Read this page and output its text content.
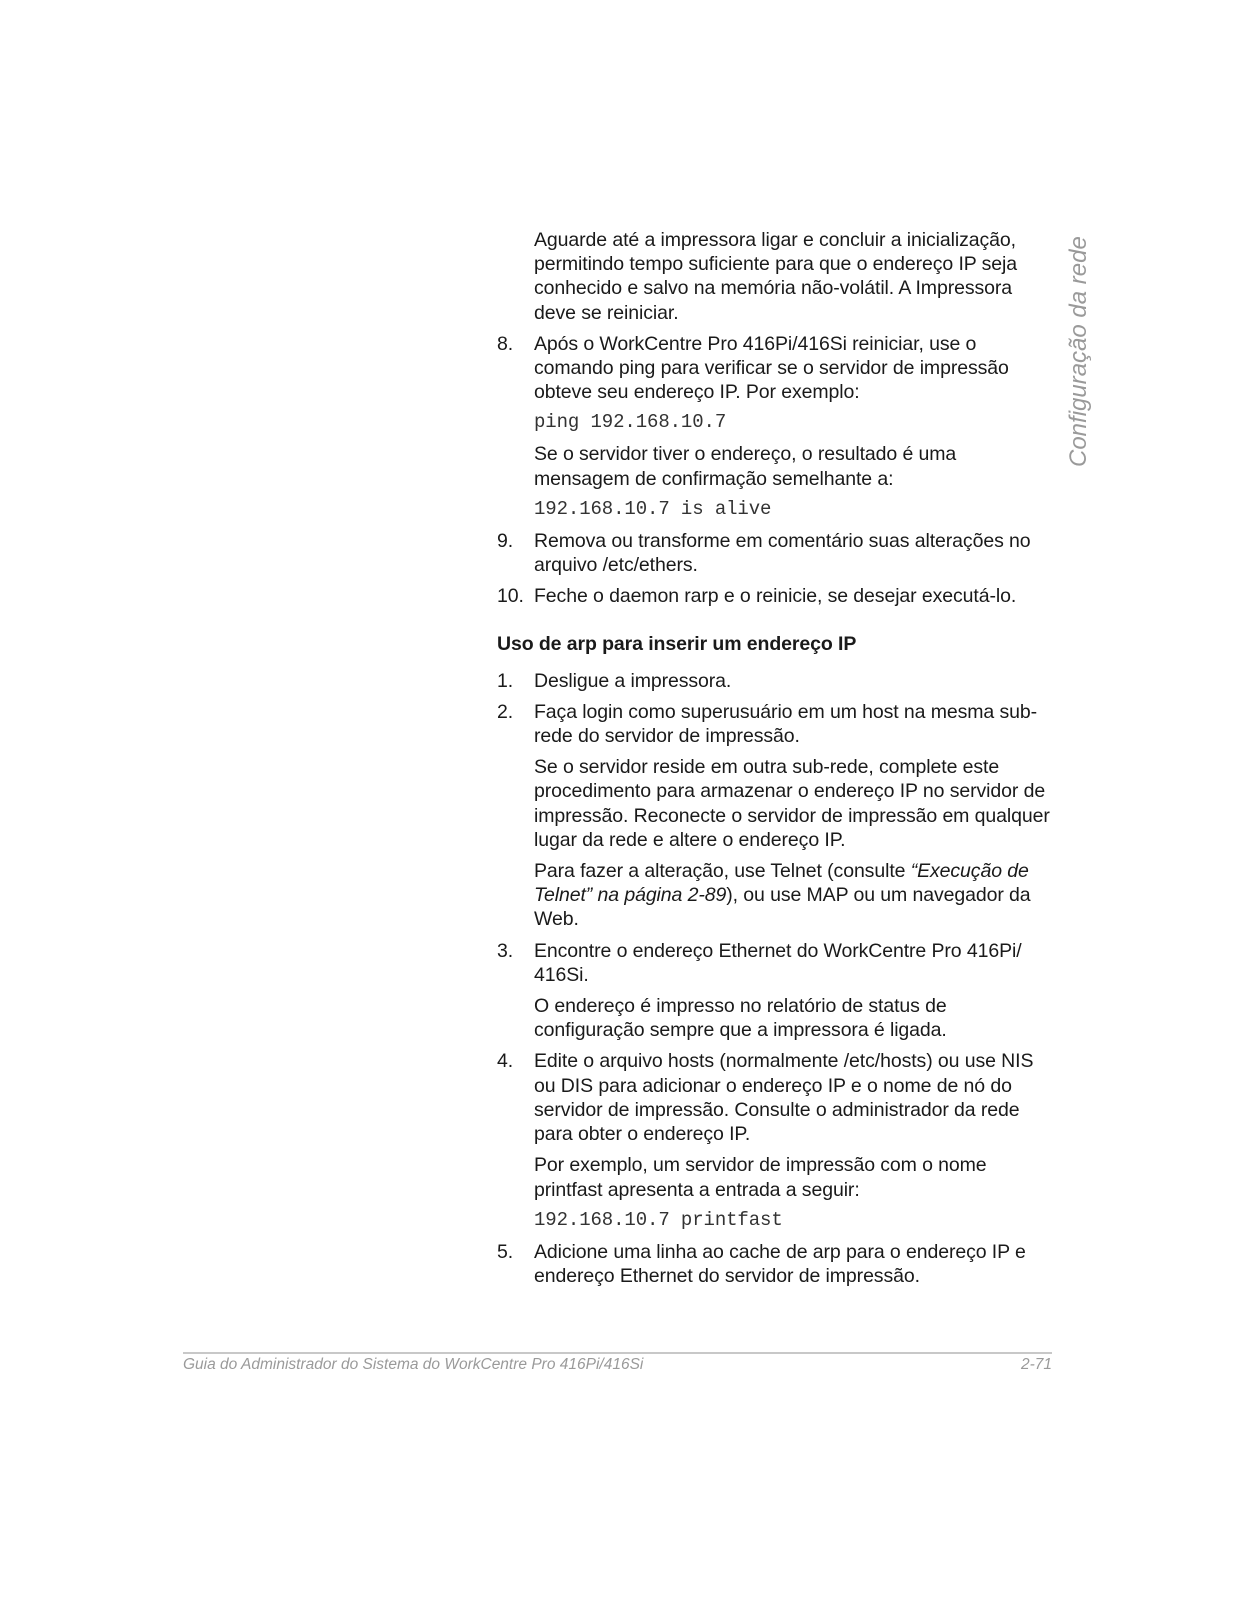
Configuração da rede

Aguarde até a impressora ligar e concluir a inicialização, permitindo tempo suficiente para que o endereço IP seja conhecido e salvo na memória não-volátil. A Impressora deve se reiniciar.

8.	Após o WorkCentre Pro 416Pi/416Si reiniciar, use o comando ping para verificar se o servidor de impressão obteve seu endereço IP. Por exemplo:
ping 192.168.10.7

Se o servidor tiver o endereço, o resultado é uma mensagem de confirmação semelhante a:

192.168.10.7 is alive
9.	Remova ou transforme em comentário suas alterações no arquivo /etc/ethers.
10. Feche o daemon rarp e o reinicie, se desejar executá-lo.
Uso de arp para inserir um endereço IP
1.	Desligue a impressora.
2.	Faça login como superusuário em um host na mesma sub-rede do servidor de impressão.

Se o servidor reside em outra sub-rede, complete este procedimento para armazenar o endereço IP no servidor de impressão. Reconecte o servidor de impressão em qualquer lugar da rede e altere o endereço IP.

Para fazer a alteração, use Telnet (consulte “Execução de Telnet” na página 2-89), ou use MAP ou um navegador da Web.

3.	Encontre o endereço Ethernet do WorkCentre Pro 416Pi/ 416Si.

O endereço é impresso no relatório de status de configuração sempre que a impressora é ligada.

4.	Edite o arquivo hosts (normalmente /etc/hosts) ou use NIS ou DIS para adicionar o endereço IP e o nome de nó do servidor de impressão. Consulte o administrador da rede para obter o endereço IP.

Por exemplo, um servidor de impressão com o nome printfast apresenta a entrada a seguir:

192.168.10.7 printfast
5.	Adicione uma linha ao cache de arp para o endereço IP e endereço Ethernet do servidor de impressão.
Guia do Administrador do Sistema do WorkCentre Pro 416Pi/416Si	2-71
